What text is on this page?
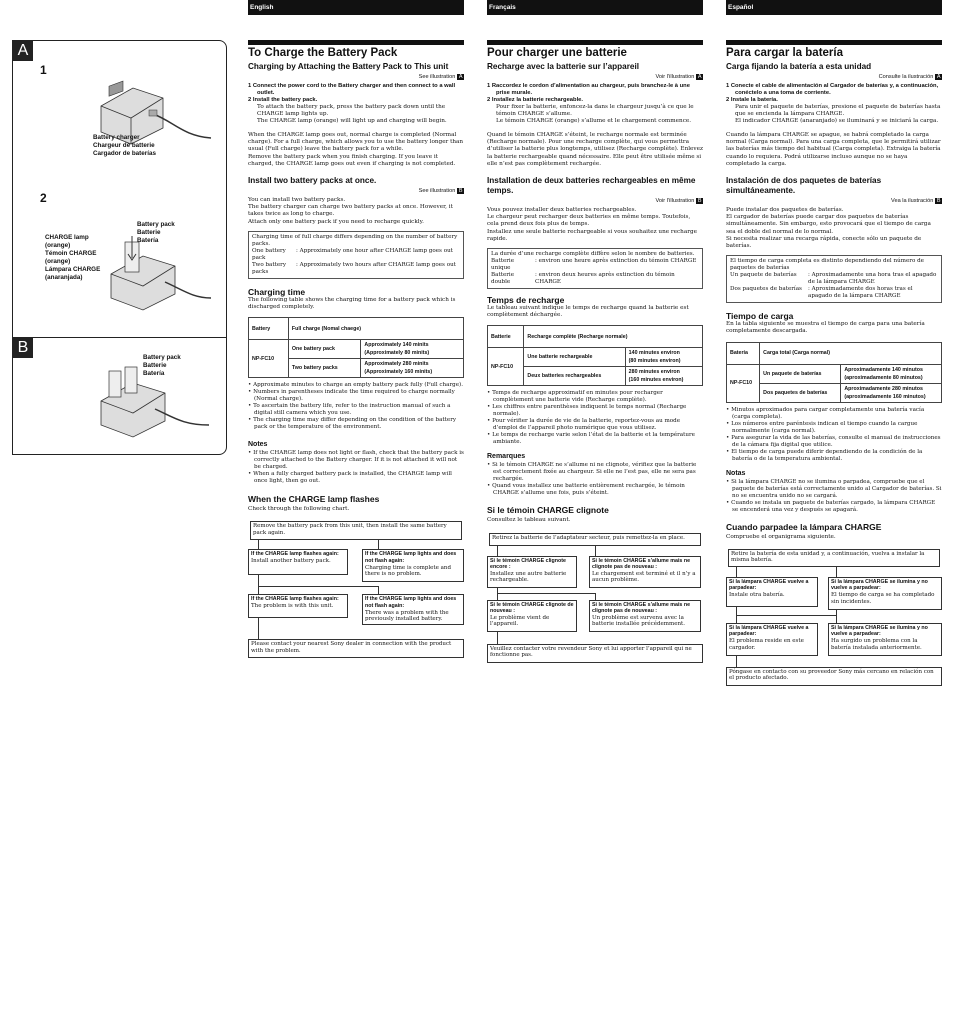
A
1
Battery charger
Chargeur de batterie
Cargador de baterías
2
Battery pack
Batterie
Batería
CHARGE lamp
(orange)
Témoin CHARGE
(orange)
Lámpara CHARGE
(anaranjada)
B
Battery pack
Batterie
Batería
English
To Charge the Battery Pack
Charging by Attaching the Battery Pack to This unit
See illustration A
1 Connect the power cord to the Battery charger and then connect to a wall outlet.
2 Install the battery pack.
To attach the battery pack, press the battery pack down until the CHARGE lamp lights up.
The CHARGE lamp (orange) will light up and charging will begin.
When the CHARGE lamp goes out, normal charge is completed (Normal charge). For a full charge, which allows you to use the battery longer than usual (Full charge) leave the battery pack for a while.
Remove the battery pack when you finish charging. If you leave it charged, the CHARGE lamp goes out even if charging is not completed.
Install two battery packs at once.
See illustration B
You can install two battery packs.
The battery charger can charge two battery packs at once. However, it takes twice as long to charge.
Attach only one battery pack if you need to recharge quickly.
Charging time of full charge differs depending on the number of battery packs.
One battery pack
: Approximately one hour after CHARGE lamp goes out
Two battery packs
: Approximately two hours after CHARGE lamp goes out
Charging time
The following table shows the charging time for a battery pack which is discharged completely.
Battery	Full charge (Nomal chaege)	
NP-FC10	One battery pack	Approximately 140 minits
(Approximately 80 minits)

	Two battery packs	Approximately 280 minits
(Approximately 160 minits)
• Approximate minutes to charge an empty battery pack fully (Full charge).
• Numbers in parentheses indicate the time required to charge normally (Normal charge).
• To ascertain the battery life, refer to the instruction manual of such a digital still camera which you use.
• The charging time may differ depending on the condition of the battery pack or the temperature of the environment.
Notes
• If the CHARGE lamp does not light or flash, check that the battery pack is correctly attached to the Battery charger. If it is not attached it will not be charged.
• When a fully charged battery pack is installed, the CHARGE lamp will once light, then go out.
When the CHARGE lamp flashes
Check through the following chart.
Remove the battery pack from this unit, then install the same battery pack again.
If the CHARGE lamp flashes again:
Install another battery pack.
If the CHARGE lamp lights and does not flash again:
Charging time is complete and there is no problem.
If the CHARGE lamp flashes again:
The problem is with this unit.
If the CHARGE lamp lights and does not flash again:
There was a problem with the previously installed battery.
Please contact your nearest Sony dealer in connection with the product with the problem.
Français
Pour charger une batterie
Recharge avec la batterie sur l’appareil
Voir l’illustration A
1 Raccordez le cordon d’alimentation au chargeur, puis branchez-le à une prise murale.
2 Installez la batterie rechargeable.
Pour fixer la batterie, enfoncez-la dans le chargeur jusqu’à ce que le témoin CHARGE s’allume.
Le témoin CHARGE (orange) s’allume et le chargement commence.
Quand le témoin CHARGE s’éteint, le recharge normale est terminée (Recharge normale). Pour une recharge complète, qui vous permettra d’utiliser la batterie plus longtemps, utilisez (Recharge complète). Enlevez la batterie rechargeable quand nécessaire. Elle peut être utilisée même si elle n’est pas complètement rechargée.
Installation de deux batteries rechargeables en même temps.
Voir l’illustration B
Vous pouvez installer deux batteries rechargeables.
Le chargeur peut recharger deux batteries en même temps. Toutefois, cela prend deux fois plus de temps.
Installez une seule batterie rechargeable si vous souhaitez une recharge rapide.
La durée d’une recharge complète diffère selon le nombre de batteries.
Batterie unique
: environ une heure après extinction du témoin CHARGE
Batterie double
: environ deux heures après extinction du témoin CHARGE
Temps de recharge
Le tableau suivant indique le temps de recharge quand la batterie est complètement déchargée.
Batterie	Recharge complète (Recharge normale)	
NP-FC10	Une batterie rechargeable	140 minutes environ
(80 minutes environ)

	Deux batteries rechargeables	280 minutes environ
(160 minutes environ)
• Temps de recharge approximatif en minutes pour recharger complètement une batterie vide (Recharge complète).
• Les chiffres entre parenthèses indiquent le temps normal (Recharge normale).
• Pour vérifier la durée de vie de la batterie, reportez-vous au mode d’emploi de l’appareil photo numérique que vous utilisez.
• Le temps de recharge varie selon l’état de la batterie et la température ambiante.
Remarques
• Si le témoin CHARGE ne s’allume ni ne clignote, vérifiez que la batterie est correctement fixée au chargeur. Si elle ne l’est pas, elle ne sera pas rechargée.
• Quand vous installez une batterie entièrement rechargée, le témoin CHARGE s’allume une fois, puis s’éteint.
Si le témoin CHARGE clignote
Consultez le tableau suivant.
Retirez la batterie de l’adaptateur secteur, puis remettez-la en place.
Si le témoin CHARGE clignote encore :
Installez une autre batterie rechargeable.
Si le témoin CHARGE s’allume mais ne clignote pas de nouveau :
Le chargement est terminé et il n’y a aucun problème.
Si le témoin CHARGE clignote de nouveau :
Le problème vient de l’appareil.
Si le témoin CHARGE s’allume mais ne clignote pas de nouveau :
Un problème est survenu avec la batterie installée précédemment.
Veuillez contacter votre revendeur Sony et lui apporter l’appareil qui ne fonctionne pas.
Español
Para cargar la batería
Carga fijando la batería a esta unidad
Consulte la ilustración A
1 Conecte el cable de alimentación al Cargador de baterías y, a continuación, conéctelo a una toma de corriente.
2 Instale la batería.
Para unir el paquete de baterías, presione el paquete de baterías hasta que se encienda la lámpara CHARGE.
El indicador CHARGE (anaranjado) se iluminará y se iniciará la carga.
Cuando la lámpara CHARGE se apague, se habrá completado la carga normal (Carga normal). Para una carga completa, que le permitirá utilizar las baterías más tiempo del habitual (Carga completa). Extraiga la batería cuando lo requiera. Podrá utilizarse incluso aunque no se haya completado la carga.
Instalación de dos paquetes de baterías simultáneamente.
Vea la ilustración B
Puede instalar dos paquetes de baterías.
El cargador de baterías puede cargar dos paquetes de baterías simultáneamente. Sin embargo, esto provocará que el tiempo de carga sea el doble del normal de lo normal.
Si necesita realizar una recarga rápida, conecte sólo un paquete de baterías.
El tiempo de carga completa es distinto dependiendo del número de paquetes de baterías
Un paquete de baterías	: Aproximadamente una hora tras el apagado de la lámpara CHARGE
Dos paquetes de baterías	: Aproximadamente dos horas tras el apagado de la lámpara CHARGE
Tiempo de carga
En la tabla siguiente se muestra el tiempo de carga para una batería completamente descargada.
Batería	Carga total (Carga normal)	
NP-FC10	Un paquete de baterías	Aproximadamente 140 minutos
(aproximadamente 80 minutos)

	Dos paquetes de baterías	Aproximadamente 280 minutos
(aproximadamente 160 minutos)
• Minutos aproximados para cargar completamente una batería vacía (carga completa).
• Los números entre paréntesis indican el tiempo cuando la cargue normalmente (carga normal).
• Para asegurar la vida de las baterías, consulte el manual de instrucciones de la cámara fija digital que utilice.
• El tiempo de carga puede diferir dependiendo de la condición de la batería o de la temperatura ambiental.
Notas
• Si la lámpara CHARGE no se ilumina o parpadea, compruebe que el paquete de baterías está correctamente unido al Cargador de baterías. Si no se encuentra unido no se cargará.
• Cuando se instala un paquete de baterías cargado, la lámpara CHARGE se encenderá una vez y después se apagará.
Cuando parpadee la lámpara CHARGE
Compruebe el organigrama siguiente.
Retire la batería de esta unidad y, a continuación, vuelva a instalar la misma batería.
Si la lámpara CHARGE vuelve a parpadear:
Instale otra batería.
Si la lámpara CHARGE se ilumina y no vuelve a parpadear:
El tiempo de carga se ha completado sin incidentes.
Si la lámpara CHARGE vuelve a parpadear:
El problema reside en este cargador.
Si la lámpara CHARGE se ilumina y no vuelve a parpadear:
Ha surgido un problema con la batería instalada anteriormente.
Póngase en contacto con su proveedor Sony más cercano en relación con el producto afectado.
